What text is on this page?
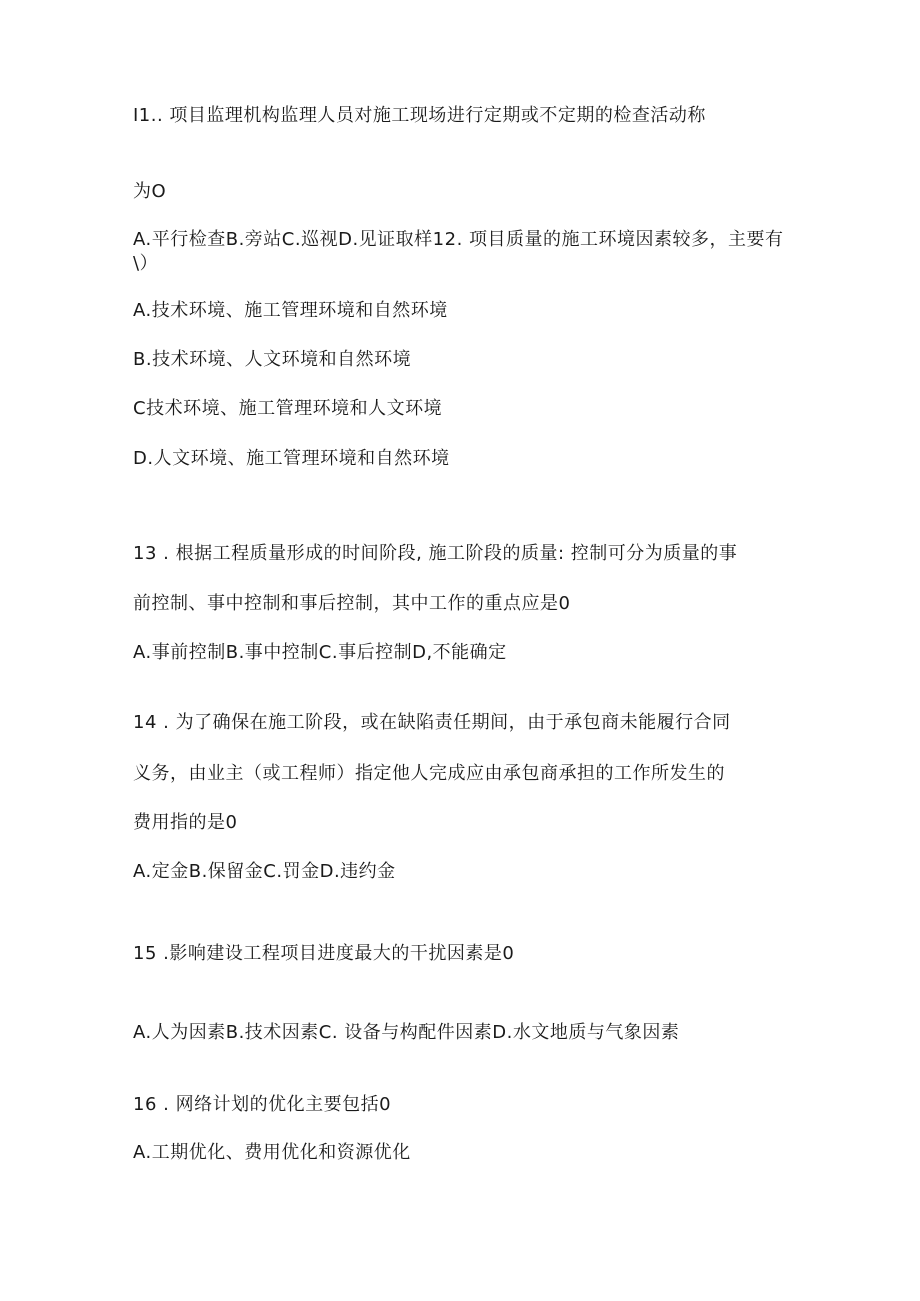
I1.. 项目监理机构监理人员对施工现场进行定期或不定期的检查活动称
为O
A.平行检查B.旁站C.巡视D.见证取样12. 项目质量的施工环境因素较多，主要有\）
A.技术环境、施工管理环境和自然环境
B.技术环境、人文环境和自然环境
C技术环境、施工管理环境和人文环境
D.人文环境、施工管理环境和自然环境
13 . 根据工程质量形成的时间阶段, 施工阶段的质量: 控制可分为质量的事
前控制、事中控制和事后控制，其中工作的重点应是0
A.事前控制B.事中控制C.事后控制D,不能确定
14 . 为了确保在施工阶段，或在缺陷责任期间，由于承包商未能履行合同
义务，由业主（或工程师）指定他人完成应由承包商承担的工作所发生的
费用指的是0
A.定金B.保留金C.罚金D.违约金
15 .影响建设工程项目进度最大的干扰因素是0
A.人为因素B.技术因素C. 设备与构配件因素D.水文地质与气象因素
16 . 网络计划的优化主要包括0
A.工期优化、费用优化和资源优化
